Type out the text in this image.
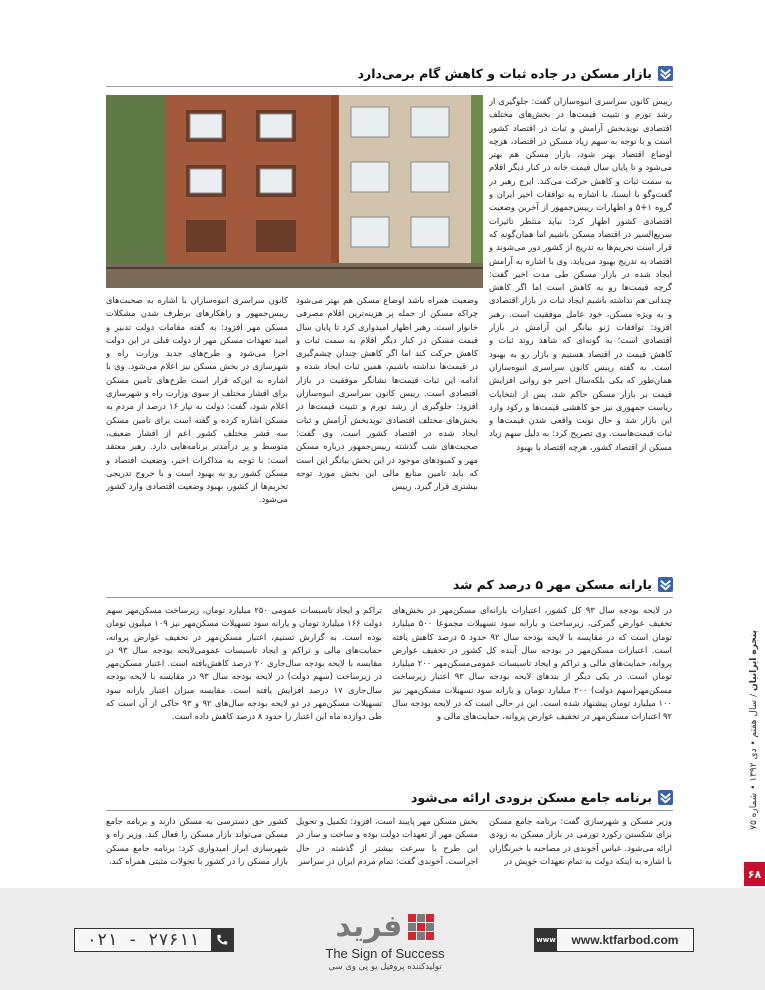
بازار مسکن در جاده ثبات و کاهش گام برمی‌دارد
رییس کانون سراسری انبوه‌سازان گفت: جلوگیری از رشد تورم و تثبیت قیمت‌ها در بخش‌های مختلف اقتصادی نویدبخش آرامش و ثبات در اقتصاد کشور است و با توجه به سهم زیاد مسکن در اقتصاد، هرچه اوضاع اقتصاد بهتر شود، بازار مسکن هم بهتر می‌شود و تا پایان سال قیمت خانه در کنار دیگر اقلام به سمت ثبات و کاهش حرکت می‌کند. ایرج رهبر در گفت‌وگو با ایسنا، با اشاره به توافقات اخیر ایران و گروه ۱+۵ و اظهارات رییس‌جمهور از آخرین وضعیت اقتصادی کشور اظهار کرد: نباید منتظر تاثیرات سریع‌السیر در اقتصاد مسکن باشیم اما همان‌گونه که قرار است تحریم‌ها به تدریج از کشور دور می‌شوند و اقتصاد به تدریج بهبود می‌یابد. وی با اشاره به آرامش ایجاد شده در بازار مسکن طی مدت اخیر گفت: گرچه قیمت‌ها رو به کاهش است اما اگر کاهش چندانی هم نداشته باشیم ایجاد ثبات در بازار اقتصادی و به ویژه مسکن، خود عامل موفقیت است. رهبر افزود: توافقات ژنو بیانگر این آرامش در بازار اقتصادی است؛ به گونه‌ای که شاهد روند ثبات و کاهش قیمت در اقتصاد هستیم و بازار رو به بهبود است. به گفته رییس کانون سراسری انبوه‌سازان همان‌طور که یکی بلکه‌سال اخیر جو روانی افزایش قیمت بر بازار مسکن حاکم شد، پس از انتخابات ریاست جمهوری نیز جو کاهشی قیمت‌ها و رکود وارد این بازار شد و حال نوبت واقعی شدن قیمت‌ها و ثبات قیمت‌هاست. وی تصریح کرد: به دلیل سهم زیاد مسکن از اقتصاد کشور، هرچه اقتصاد با بهبود
وضعیت همراه باشد اوضاع مسکن هم بهتر می‌شود چراکه مسکن از جمله پر هزینه‌ترین اقلام مصرفی خانوار است. رهبر اظهار امیدواری کرد تا پایان سال قیمت مسکن در کنار دیگر اقلام به سمت ثبات و کاهش حرکت کند اما اگر کاهش چندان چشم‌گیری در قیمت‌ها نداشته باشیم، همین ثبات ایجاد شده و ادامه این ثبات قیمت‌ها نشانگر موفقیت در بازار اقتصادی است. رییس کانون سراسری انبوه‌سازان افزود: جلوگیری از رشد تورم و تثبیت قیمت‌ها در بخش‌های مختلف اقتصادی نویدبخش آرامش و ثبات ایجاد شده در اقتصاد کشور است. وی گفت: صحبت‌های شب گذشته رییس‌جمهور درباره مسکن مهر و کمبودهای موجود در این بخش بیانگر این است که باید تامین منابع مالی این بخش مورد توجه بیشتری قرار گیرد. رییس
کانون سراسری انبوه‌سازان با اشاره به صحبت‌های رییس‌جمهور و راهکارهای برطرف شدن مشکلات مسکن مهر افزود: به گفته مقامات دولت تدبیر و امید تعهدات مسکن مهر از دولت قبلی در این دولت اجرا می‌شود و طرح‌های جدید وزارت راه و شهرسازی در بخش مسکن نیز اعلام می‌شود. وی با اشاره به این‌که قرار است طرح‌های تامین مسکن برای اقشار مختلف از سوی وزارت راه و شهرسازی اعلام شود، گفت: دولت به نیاز ۱۶ درصد از مردم به مسکن اشاره کرده و گفته است برای تامین مسکن سه قشر مختلف کشور اعم از اقشار ضعیف، متوسط و پر درآمدتر برنامه‌هایی دارد. رهبر معتقد است: با توجه به مذاکرات اخیر، وضعیت اقتصاد و مسکن کشور رو به بهبود است و با خروج تدریجی تحریم‌ها از کشور، بهبود وضعیت اقتصادی وارد کشور می‌شود.
یارانه مسکن مهر ۵ درصد کم شد
در لایحه بودجه سال ۹۳ کل کشور، اعتبارات یارانه‌ای مسکن‌مهر در بخش‌های تخفیف عوارض گمرکی، زیرساخت و یارانه سود تسهیلات مجموعا ۵۰۰ میلیارد تومان است که در مقایسه با لایحه بودجه سال ۹۲ حدود ۵ درصد کاهش یافته است. اعتبارات مسکن‌مهر در بودجه سال آینده کل کشور در تخفیف عوارض پروانه، حمایت‌های مالی و تراکم و ایجاد تاسیسات عمومی‌مسکن‌مهر ۲۰۰ میلیارد تومان است. در یکی دیگر از بندهای لایحه بودجه سال ۹۳ اعتبار زیرساخت مسکن‌مهر(سهم دولت) ۲۰۰ میلیارد تومان و یارانه سود تسهیلات مسکن‌مهر نیز ۱۰۰ میلیارد تومان پیشنهاد شده است. این در حالی است که در لایحه بودجه سال ۹۲ اعتبارات مسکن‌مهر در تخفیف عوارض پروانه، حمایت‌های مالی و
تراکم و ایجاد تاسیسات عمومی ۲۵۰ میلیارد تومان، زیرساخت مسکن‌مهر سهم دولت ۱۶۶ میلیارد تومان و یارانه سود تسهیلات مسکن‌مهر نیز ۱۰۹ میلیون تومان بوده است. به گزارش تسنیم، اعتبار مسکن‌مهر در تخفیف عوارض پروانه، حمایت‌های مالی و تراکم و ایجاد تاسیسات عمومی‌لایحه بودجه سال ۹۳ در مقایسه با لایحه بودجه سال‌جاری ۲۰ درصد کاهش‌یافته است. اعتبار مسکن‌مهر در زیرساخت (سهم دولت) در لایحه بودجه سال ۹۳ در مقایسه با لایحه بودجه سال‌جاری ۱۷ درصد افزایش یافته است. مقایسه میزان اعتبار یارانه سود تسهیلات مسکن‌مهر در دو لایحه بودجه سال‌های ۹۲ و ۹۳ حاکی از آن است که طی دوازده ماه این اعتبار را حدود ۸ درصد کاهش داده است.
برنامه جامع مسکن بزودی ارائه می‌شود
وزیر مسکن و شهرسازی گفت: برنامه جامع مسکن برای شکستن رکورد تورمی در بازار مسکن به زودی ارائه می‌شود. عباس آخوندی در مصاحبه با خبرنگاران با اشاره به اینکه دولت به تمام تعهدات خویش در
بخش مسکن مهر پایبند است، افزود: تکمیل و تحویل مسکن مهر از تعهدات دولت بوده و ساخت و ساز در این طرح با سرعت بیشتر از گذشته در حال اجراست. آخوندی گفت: تمام مردم ایران در سراسر
کشور حق دسترسی به مسکن دارند و برنامه جامع مسکن می‌تواند بازار مسکن را فعال کند. وزیر راه و شهرسازی ابراز امیدواری کرد: برنامه جامع مسکن بازار مسکن را در کشور با تحولات مثبتی همراه کند.
پنجره ایرانیان / سال هفتم • دی ۱۳۹۲ • شماره ۷۵
۶۸
۰۲۱ - ۲۷۶۱۱	فرید
The Sign of Success
تولیدکننده پروفیل یو پی وی سی
www	www.ktfarbod.com
